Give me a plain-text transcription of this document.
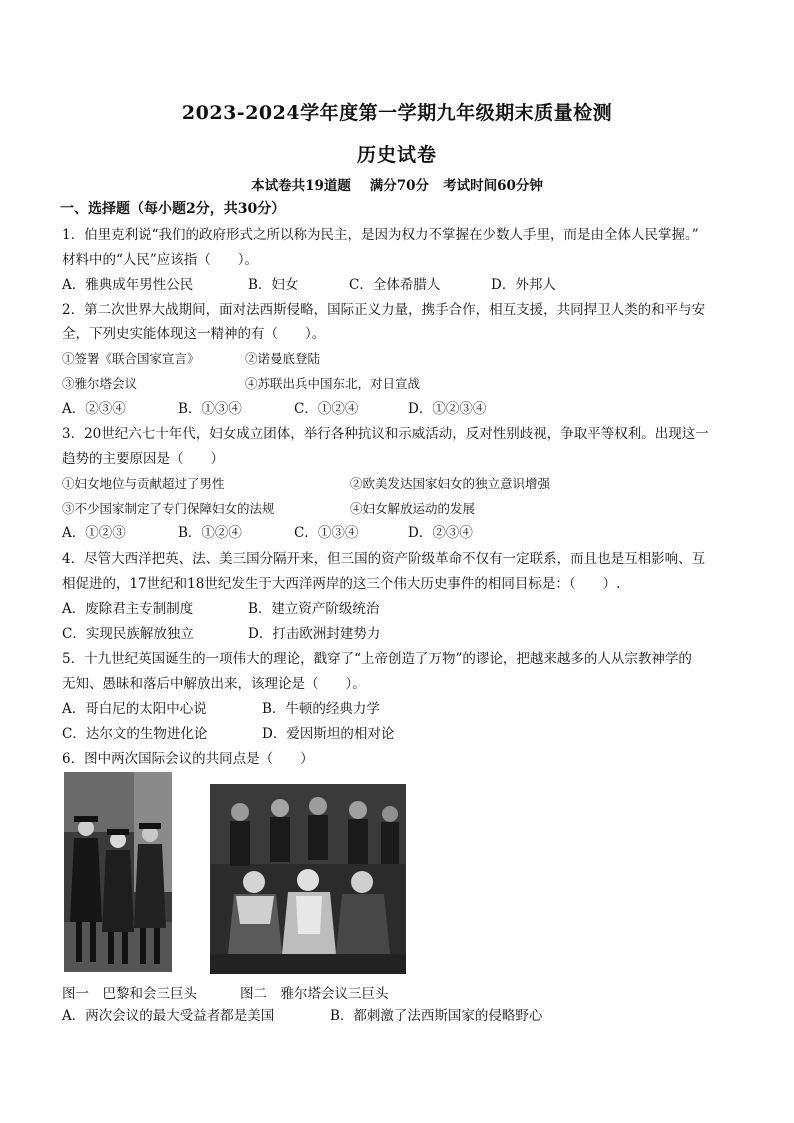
2023-2024学年度第一学期九年级期末质量检测
历史试卷
本试卷共19道题    满分70分   考试时间60分钟
一、选择题（每小题2分，共30分）
1．伯里克利说“我们的政府形式之所以称为民主，是因为权力不掌握在少数人手里，而是由全体人民掌握。”
材料中的“人民”应该指（　　）。
A．雅典成年男性公民	B．妇女	C．全体希腊人	D．外邦人
2．第二次世界大战期间，面对法西斯侵略，国际正义力量，携手合作，相互支援，共同捍卫人类的和平与安
全，下列史实能体现这一精神的有（　　）。
①签署《联合国家宣言》	②诺曼底登陆
③雅尔塔会议	④苏联出兵中国东北，对日宣战
A．②③④	B．①③④	C．①②④	D．①②③④
3．20世纪六七十年代，妇女成立团体，举行各种抗议和示威活动，反对性别歧视，争取平等权利。出现这一
趋势的主要原因是（　　）
①妇女地位与贡献超过了男性	②欧美发达国家妇女的独立意识增强
③不少国家制定了专门保障妇女的法规	④妇女解放运动的发展
A．①②③	B．①②④	C．①③④	D．②③④
4．尽管大西洋把英、法、美三国分隔开来，但三国的资产阶级革命不仅有一定联系，而且也是互相影响、互
相促进的，17世纪和18世纪发生于大西洋两岸的这三个伟大历史事件的相同目标是：（　　）.
A．废除君主专制制度	B．建立资产阶级统治
C．实现民族解放独立	D．打击欧洲封建势力
5．十九世纪英国诞生的一项伟大的理论，戳穿了“上帝创造了万物”的谬论，把越来越多的人从宗教神学的
无知、愚昧和落后中解放出来，该理论是（　　）。
A．哥白尼的太阳中心说	B．牛顿的经典力学
C．达尔文的生物进化论	D．爱因斯坦的相对论
6．图中两次国际会议的共同点是（　　）
图一　巴黎和会三巨头	图二　雅尔塔会议三巨头
A．两次会议的最大受益者都是美国	B．都刺激了法西斯国家的侵略野心
